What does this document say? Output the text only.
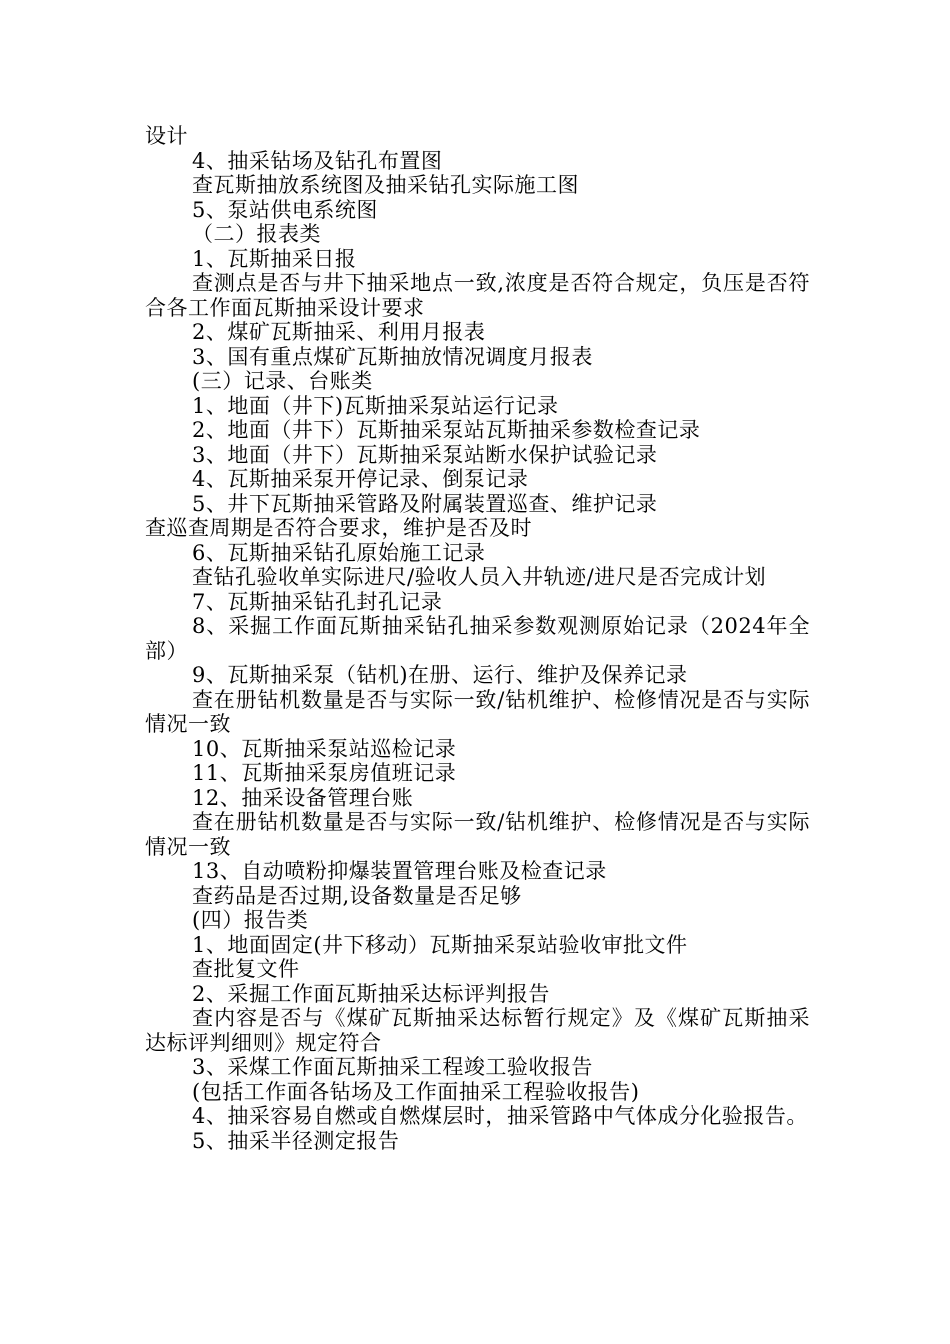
设计
4、抽采钻场及钻孔布置图
查瓦斯抽放系统图及抽采钻孔实际施工图
5、泵站供电系统图
（二）报表类
1、瓦斯抽采日报
查测点是否与井下抽采地点一致,浓度是否符合规定，负压是否符合各工作面瓦斯抽采设计要求
2、煤矿瓦斯抽采、利用月报表
3、国有重点煤矿瓦斯抽放情况调度月报表
(三）记录、台账类
1、地面（井下)瓦斯抽采泵站运行记录
2、地面（井下）瓦斯抽采泵站瓦斯抽采参数检查记录
3、地面（井下）瓦斯抽采泵站断水保护试验记录
4、瓦斯抽采泵开停记录、倒泵记录
5、井下瓦斯抽采管路及附属装置巡查、维护记录
查巡查周期是否符合要求，维护是否及时
6、瓦斯抽采钻孔原始施工记录
查钻孔验收单实际进尺/验收人员入井轨迹/进尺是否完成计划
7、瓦斯抽采钻孔封孔记录
8、采掘工作面瓦斯抽采钻孔抽采参数观测原始记录（2024年全部）
9、瓦斯抽采泵（钻机)在册、运行、维护及保养记录
查在册钻机数量是否与实际一致/钻机维护、检修情况是否与实际情况一致
10、瓦斯抽采泵站巡检记录
11、瓦斯抽采泵房值班记录
12、抽采设备管理台账
查在册钻机数量是否与实际一致/钻机维护、检修情况是否与实际情况一致
13、自动喷粉抑爆装置管理台账及检查记录
查药品是否过期,设备数量是否足够
(四）报告类
1、地面固定(井下移动）瓦斯抽采泵站验收审批文件
查批复文件
2、采掘工作面瓦斯抽采达标评判报告
查内容是否与《煤矿瓦斯抽采达标暂行规定》及《煤矿瓦斯抽采达标评判细则》规定符合
3、采煤工作面瓦斯抽采工程竣工验收报告
(包括工作面各钻场及工作面抽采工程验收报告)
4、抽采容易自燃或自燃煤层时，抽采管路中气体成分化验报告。
5、抽采半径测定报告
